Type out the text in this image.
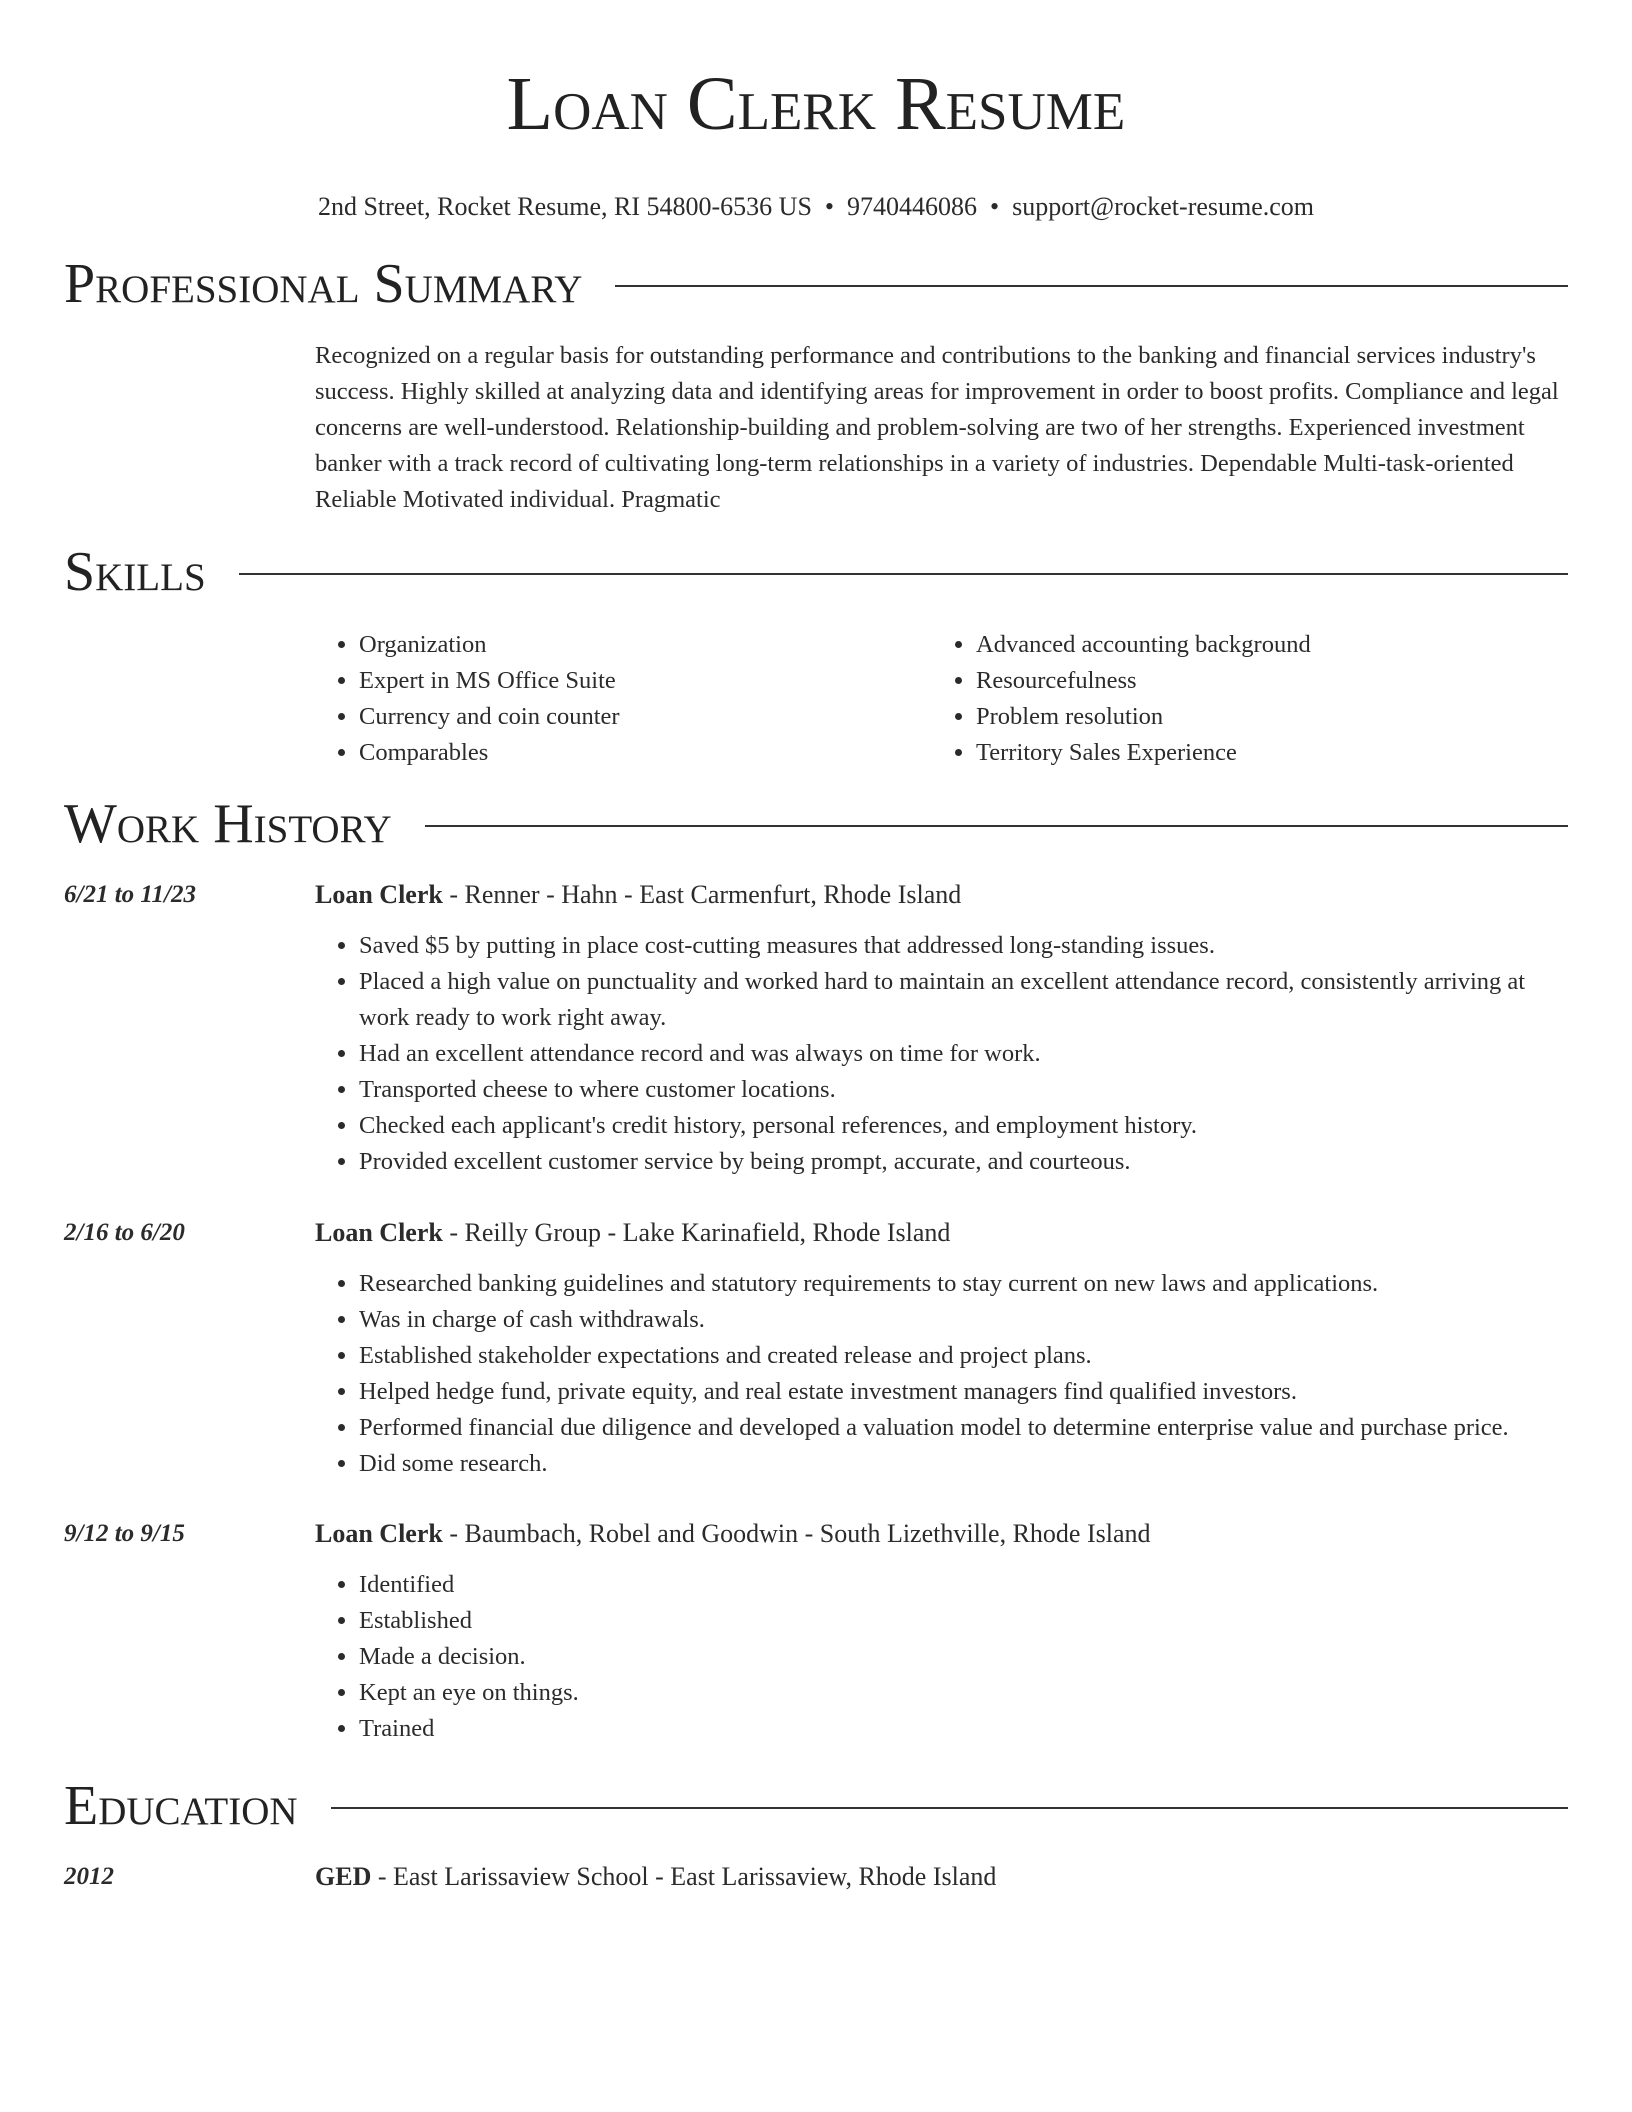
Loan Clerk Resume
2nd Street, Rocket Resume, RI 54800-6536 US • 9740446086 • support@rocket-resume.com
Professional Summary

Recognized on a regular basis for outstanding performance and contributions to the banking and financial services industry's success. Highly skilled at analyzing data and identifying areas for improvement in order to boost profits. Compliance and legal concerns are well-understood. Relationship-building and problem-solving are two of her strengths. Experienced investment banker with a track record of cultivating long-term relationships in a variety of industries. Dependable Multi-task-oriented Reliable Motivated individual. Pragmatic

Skills
• Organization
• Expert in MS Office Suite
• Currency and coin counter
• Comparables
• Advanced accounting background
• Resourcefulness
• Problem resolution
• Territory Sales Experience
Work History
6/21 to 11/23	Loan Clerk - Renner - Hahn - East Carmenfurt, Rhode Island
• Saved $5 by putting in place cost-cutting measures that addressed long-standing issues.
• Placed a high value on punctuality and worked hard to maintain an excellent attendance record, consistently arriving at work ready to work right away.
• Had an excellent attendance record and was always on time for work.
• Transported cheese to where customer locations.
• Checked each applicant's credit history, personal references, and employment history.
• Provided excellent customer service by being prompt, accurate, and courteous.
2/16 to 6/20	Loan Clerk - Reilly Group - Lake Karinafield, Rhode Island
• Researched banking guidelines and statutory requirements to stay current on new laws and applications.
• Was in charge of cash withdrawals.
• Established stakeholder expectations and created release and project plans.
• Helped hedge fund, private equity, and real estate investment managers find qualified investors.
• Performed financial due diligence and developed a valuation model to determine enterprise value and purchase price.
• Did some research.
9/12 to 9/15	Loan Clerk - Baumbach, Robel and Goodwin - South Lizethville, Rhode Island
• Identified
• Established
• Made a decision.
• Kept an eye on things.
• Trained
Education
2012	GED - East Larissaview School - East Larissaview, Rhode Island
